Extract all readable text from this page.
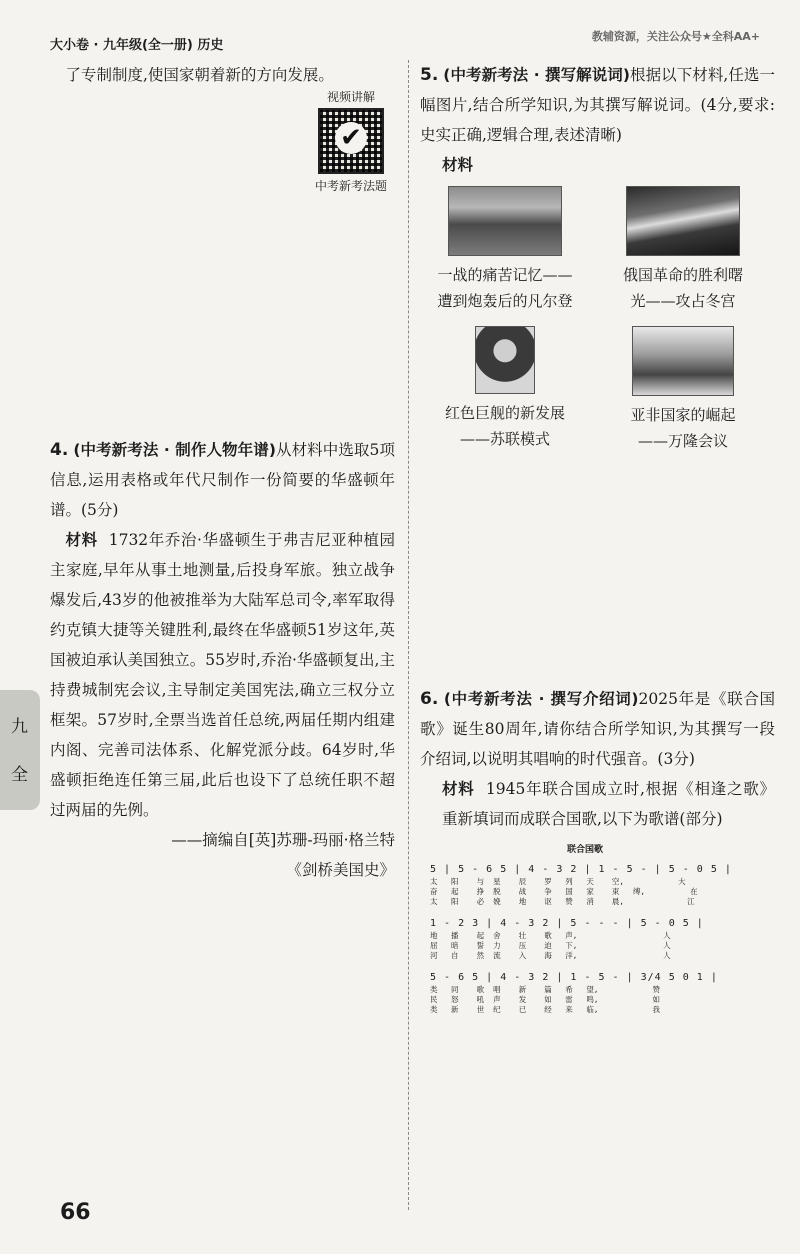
大小卷 · 九年级(全一册) 历史
教辅资源，关注公众号★全科AA+

了专制制度,使国家朝着新的方向发展。

4. (中考新考法 · 制作人物年谱)从材料中选取5项信息,运用表格或年代尺制作一份简要的华盛顿年谱。(5分)

材料 1732年乔治·华盛顿生于弗吉尼亚种植园主家庭,早年从事土地测量,后投身军旅。独立战争爆发后,43岁的他被推举为大陆军总司令,率军取得约克镇大捷等关键胜利,最终在华盛顿51岁这年,英国被迫承认美国独立。55岁时,乔治·华盛顿复出,主持费城制宪会议,主导制定美国宪法,确立三权分立框架。57岁时,全票当选首任总统,两届任期内组建内阁、完善司法体系、化解党派分歧。64岁时,华盛顿拒绝连任第三届,此后也设下了总统任职不超过两届的先例。

——摘编自[英]苏珊-玛丽·格兰特

《剑桥美国史》

视频讲解
✔
中考新考法题

5. (中考新考法 · 撰写解说词)根据以下材料,任选一幅图片,结合所学知识,为其撰写解说词。(4分,要求:史实正确,逻辑合理,表述清晰)

材料

一战的痛苦记忆——
遭到炮轰后的凡尔登
俄国革命的胜利曙
光——攻占冬宫
红色巨舰的新发展
——苏联模式
亚非国家的崛起
——万隆会议

6. (中考新考法 · 撰写介绍词)2025年是《联合国歌》诞生80周年,请你结合所学知识,为其撰写一段介绍词,以说明其唱响的时代强音。(3分)

材料 1945年联合国成立时,根据《相逢之歌》重新填词而成联合国歌,以下为歌谱(部分)

联合国歌
5 | 5 - 6 5 | 4 - 3 2 | 1 - 5 - | 5 - 0 5 |
太   阳    与  星    辰    罗   列   天    空,            大
奋   起    挣  脱    战    争   国   家    束   缚,          在
太   阳    必  娩    地    讴   赞   消    晨,              江
1 - 2 3 | 4 - 3 2 | 5 - - - | 5 - 0 5 |
地   播    起  舍    壮    歌   声,                   人
屈   暗    誓  力    压    迫   下,                   人
河   自    然  流    入    海   洋,                   人
5 - 6 5 | 4 - 3 2 | 1 - 5 - | 3/4 5 0 1 |
类   同    歌  唱    新    篇   希   望,            赞
民   怒    吼  声    发    如   雷   鸣,            如
类   新    世  纪    已    经   来   临,            我
九
全
66
